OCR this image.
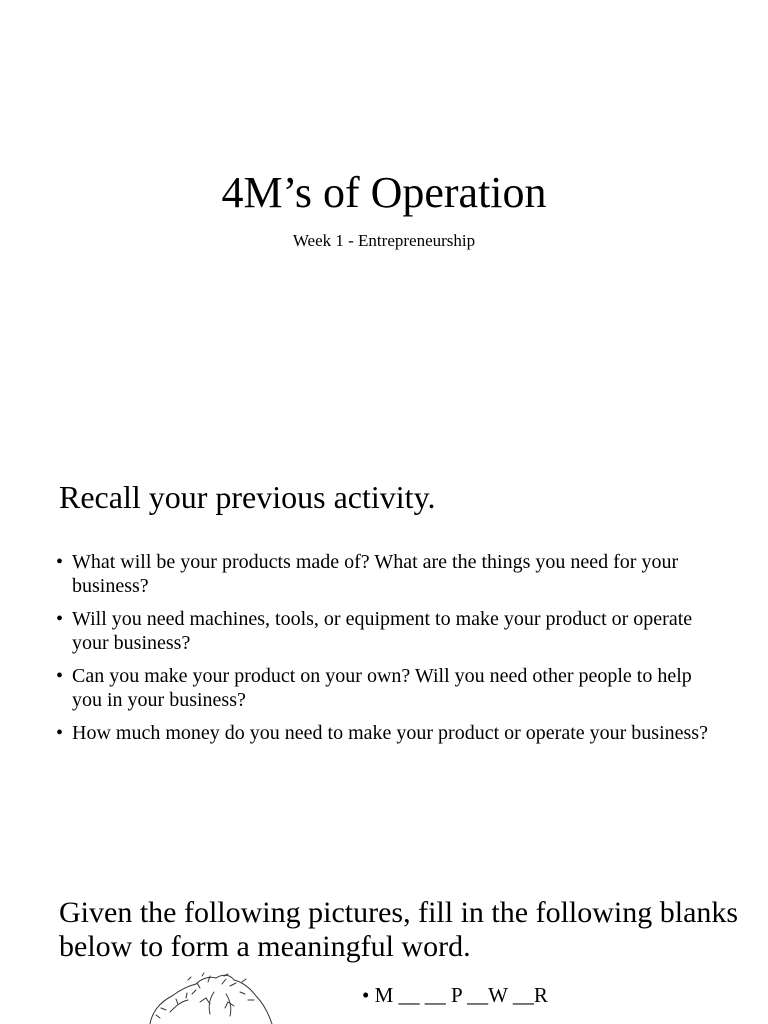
4M’s of Operation

Week 1 - Entrepreneurship

Recall your previous activity.
• What will be your products made of? What are the things you need for your business?
• Will you need machines, tools, or equipment to make your product or operate your business?
• Can you make your product on your own? Will you need other people to help you in your business?
• How much money do you need to make your product or operate your business?
Given the following pictures, fill in the following blanks below to form a meaningful word.

• M __ __ P __W __R
